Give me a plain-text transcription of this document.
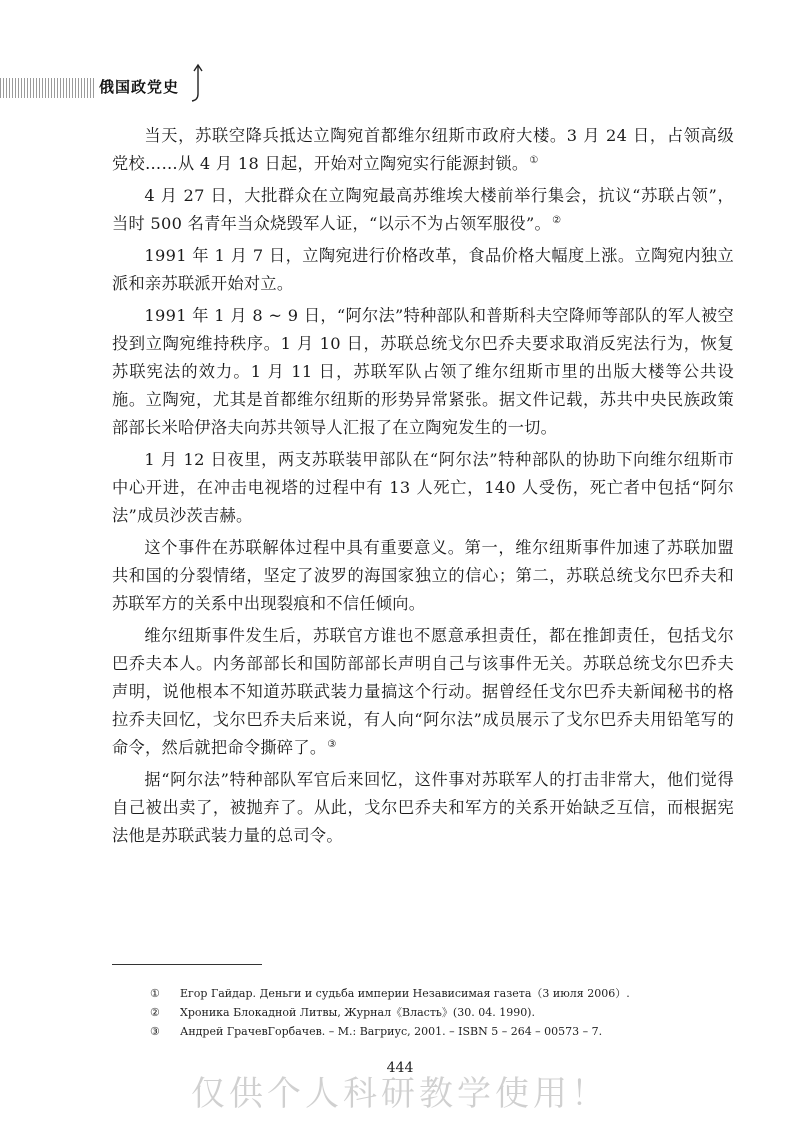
俄国政党史

当天，苏联空降兵抵达立陶宛首都维尔纽斯市政府大楼。3 月 24 日，占领高级党校……从 4 月 18 日起，开始对立陶宛实行能源封锁。①

4 月 27 日，大批群众在立陶宛最高苏维埃大楼前举行集会，抗议“苏联占领”，当时 500 名青年当众烧毁军人证，“以示不为占领军服役”。②

1991 年 1 月 7 日，立陶宛进行价格改革，食品价格大幅度上涨。立陶宛内独立派和亲苏联派开始对立。

1991 年 1 月 8 ~ 9 日，“阿尔法”特种部队和普斯科夫空降师等部队的军人被空投到立陶宛维持秩序。1 月 10 日，苏联总统戈尔巴乔夫要求取消反宪法行为，恢复苏联宪法的效力。1 月 11 日，苏联军队占领了维尔纽斯市里的出版大楼等公共设施。立陶宛，尤其是首都维尔纽斯的形势异常紧张。据文件记载，苏共中央民族政策部部长米哈伊洛夫向苏共领导人汇报了在立陶宛发生的一切。

1 月 12 日夜里，两支苏联装甲部队在“阿尔法”特种部队的协助下向维尔纽斯市中心开进，在冲击电视塔的过程中有 13 人死亡，140 人受伤，死亡者中包括“阿尔法”成员沙茨吉赫。

这个事件在苏联解体过程中具有重要意义。第一，维尔纽斯事件加速了苏联加盟共和国的分裂情绪，坚定了波罗的海国家独立的信心；第二，苏联总统戈尔巴乔夫和苏联军方的关系中出现裂痕和不信任倾向。

维尔纽斯事件发生后，苏联官方谁也不愿意承担责任，都在推卸责任，包括戈尔巴乔夫本人。内务部部长和国防部部长声明自己与该事件无关。苏联总统戈尔巴乔夫声明，说他根本不知道苏联武装力量搞这个行动。据曾经任戈尔巴乔夫新闻秘书的格拉乔夫回忆，戈尔巴乔夫后来说，有人向“阿尔法”成员展示了戈尔巴乔夫用铅笔写的命令，然后就把命令撕碎了。③

据“阿尔法”特种部队军官后来回忆，这件事对苏联军人的打击非常大，他们觉得自己被出卖了，被抛弃了。从此，戈尔巴乔夫和军方的关系开始缺乏互信，而根据宪法他是苏联武装力量的总司令。

①	Егор Гайдар. Деньги и судьба империи Независимая газета（3 июля 2006）.
②	Хроника Блокадной Литвы, Журнал《Власть》(30. 04. 1990).
③	Андрей ГрачевГорбачев. – М.: Вагриус, 2001. – ISBN 5 – 264 – 00573 – 7.
444
仅供个人科研教学使用！
